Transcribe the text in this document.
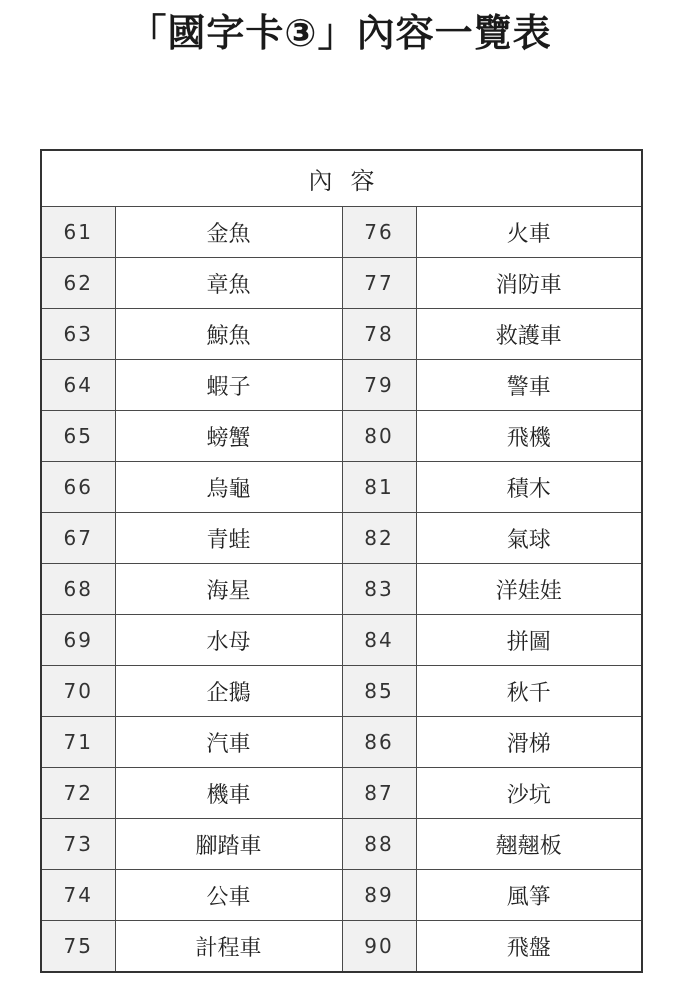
「國字卡③」內容一覽表
內容			
61	金魚	76	火車
62	章魚	77	消防車
63	鯨魚	78	救護車
64	蝦子	79	警車
65	螃蟹	80	飛機
66	烏龜	81	積木
67	青蛙	82	氣球
68	海星	83	洋娃娃
69	水母	84	拼圖
70	企鵝	85	秋千
71	汽車	86	滑梯
72	機車	87	沙坑
73	腳踏車	88	翹翹板
74	公車	89	風箏
75	計程車	90	飛盤
